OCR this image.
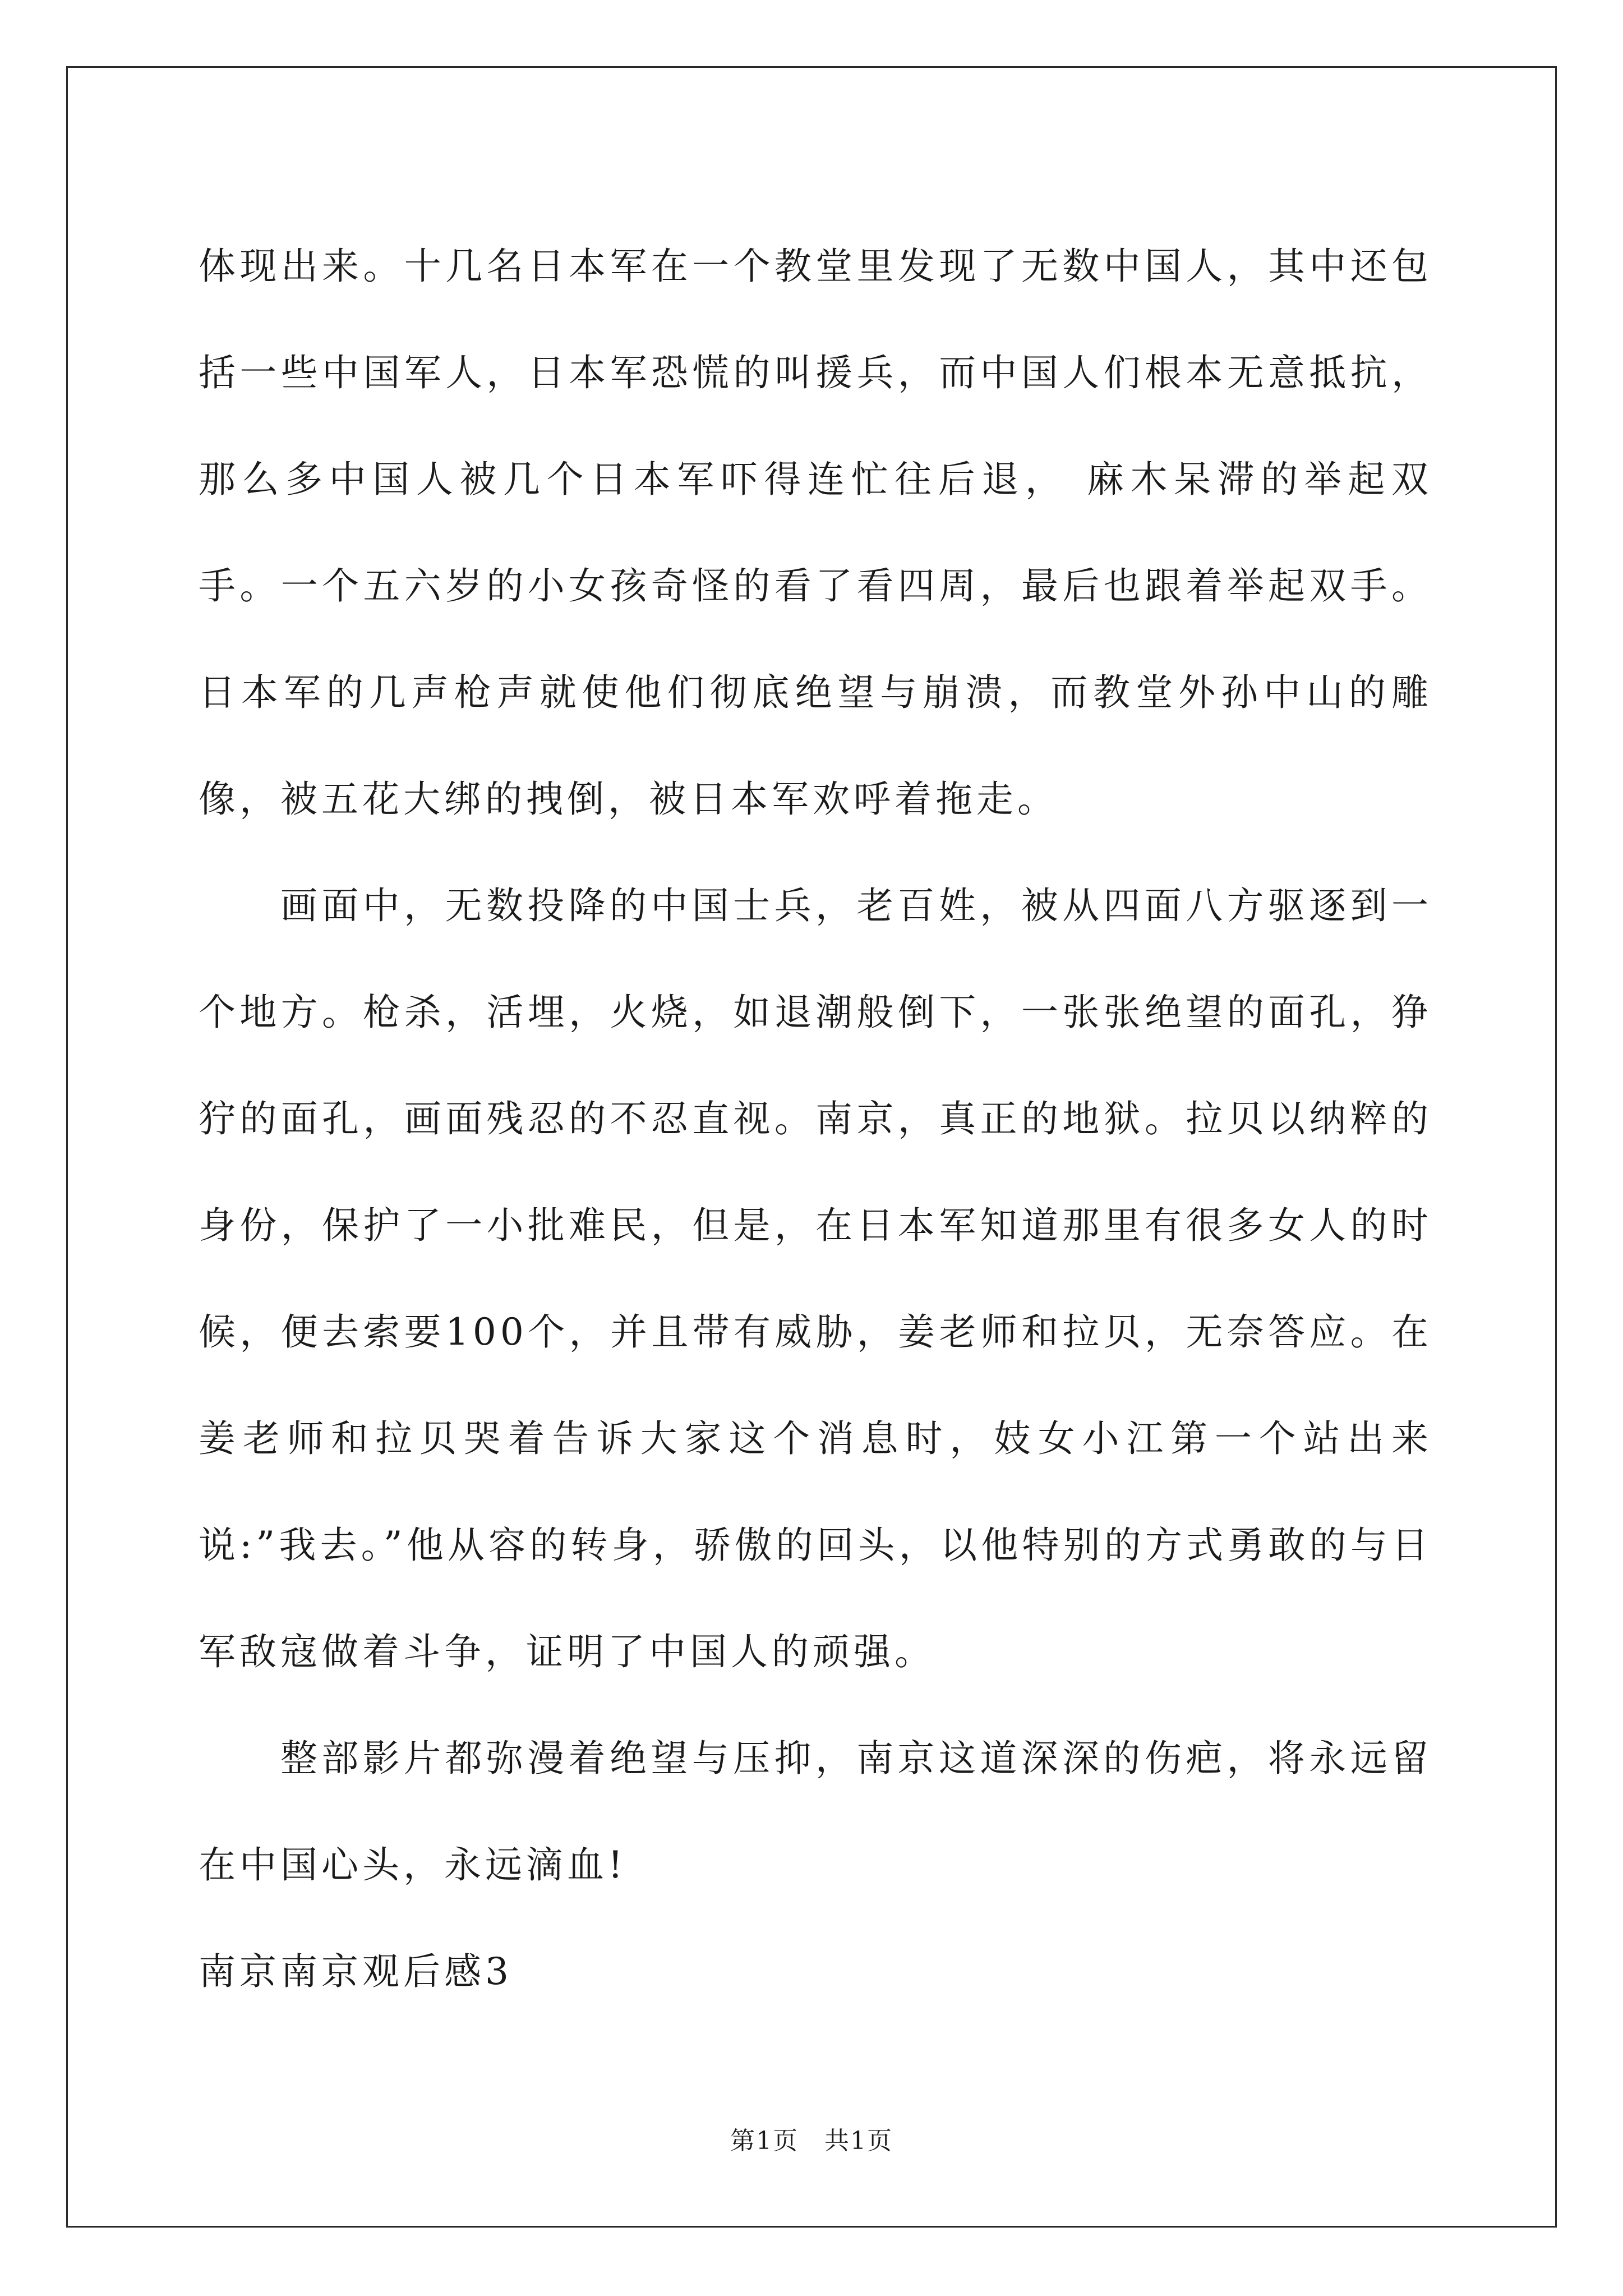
体现出来。十几名日本军在一个教堂里发现了无数中国人，其中还包括一些中国军人，日本军恐慌的叫援兵，而中国人们根本无意抵抗，那么多中国人被几个日本军吓得连忙往后退， 麻木呆滞的举起双手。一个五六岁的小女孩奇怪的看了看四周，最后也跟着举起双手。日本军的几声枪声就使他们彻底绝望与崩溃，而教堂外孙中山的雕像，被五花大绑的拽倒，被日本军欢呼着拖走。

画面中，无数投降的中国士兵，老百姓，被从四面八方驱逐到一个地方。枪杀，活埋，火烧，如退潮般倒下，一张张绝望的面孔，狰狞的面孔，画面残忍的不忍直视。南京，真正的地狱。拉贝以纳粹的身份，保护了一小批难民，但是，在日本军知道那里有很多女人的时候，便去索要100个，并且带有威胁，姜老师和拉贝，无奈答应。在姜老师和拉贝哭着告诉大家这个消息时，妓女小江第一个站出来说:”我去。”他从容的转身，骄傲的回头，以他特别的方式勇敢的与日军敌寇做着斗争，证明了中国人的顽强。

整部影片都弥漫着绝望与压抑，南京这道深深的伤疤，将永远留在中国心头，永远滴血!

南京南京观后感3

第1页　共1页
